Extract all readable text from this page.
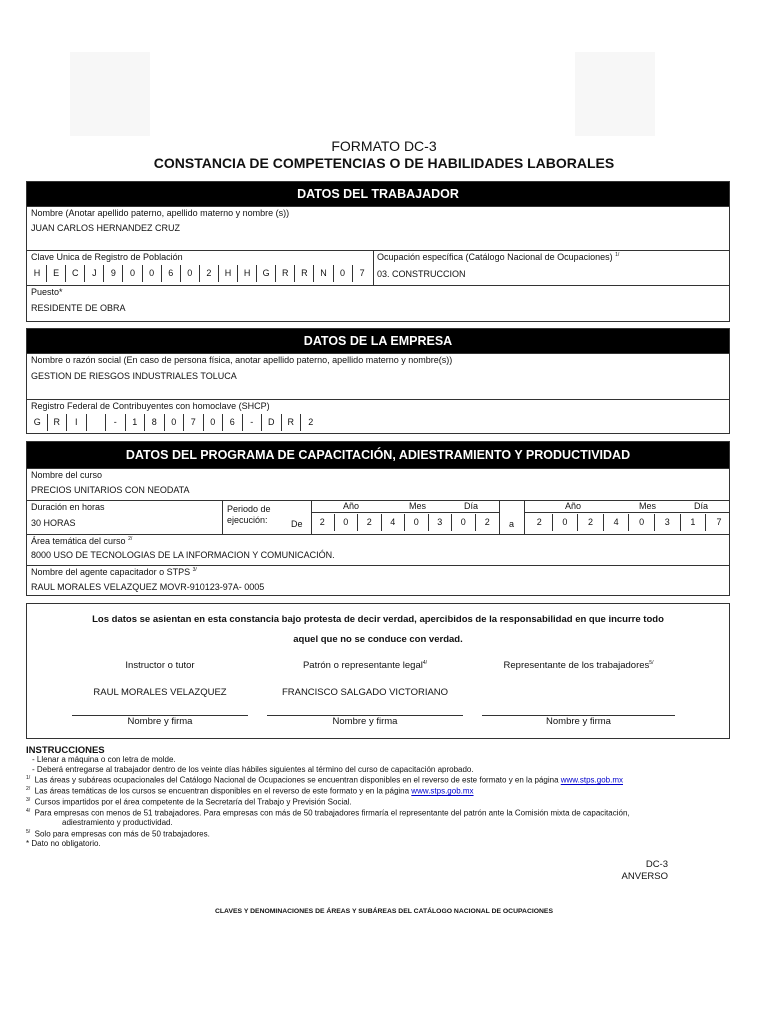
FORMATO DC-3
CONSTANCIA DE COMPETENCIAS O DE HABILIDADES LABORALES
DATOS DEL TRABAJADOR
Nombre (Anotar apellido paterno, apellido materno y nombre (s))
JUAN CARLOS HERNANDEZ CRUZ
Clave Unica de Registro de Población
H	E	C	J	9	0	0	6	0	2	H	H	G	R	R	N	0	7
Ocupación específica (Catálogo Nacional de Ocupaciones) $^{1/}$
03. CONSTRUCCION
Puesto*
RESIDENTE DE OBRA
DATOS DE LA EMPRESA
Nombre o razón social (En caso de persona física, anotar apellido paterno, apellido materno y nombre(s))
GESTION DE RIESGOS INDUSTRIALES TOLUCA
Registro Federal de Contribuyentes con homoclave (SHCP)
G	R	I	-	1	8	0	7	0	6	-	D	R	2
DATOS DEL PROGRAMA DE CAPACITACIÓN, ADIESTRAMIENTO Y PRODUCTIVIDAD
Nombre del curso
PRECIOS UNITARIOS CON NEODATA
Duración en horas
30 HORAS
Periodo de
ejecución:	De
Año	Mes	Día
2	0	2	4	0	3	0	2	a
Año	Mes	Día
2	0	2	4	0	3	1	7
Área temática del curso $^{2/}$
8000 USO DE TECNOLOGIAS DE LA INFORMACION Y COMUNICACIÓN.
Nombre del agente capacitador o STPS $^{3/}$
RAUL MORALES VELAZQUEZ MOVR-910123-97A- 0005
Los datos se asientan en esta constancia bajo protesta de decir verdad, apercibidos de la responsabilidad en que incurre todo
aquel que no se conduce con verdad.
Instructor o tutor	Patrón o representante legal$^{4/}$	Representante de los trabajadores$^{5/}$
RAUL MORALES VELAZQUEZ	FRANCISCO SALGADO VICTORIANO
Nombre y firma	Nombre y firma	Nombre y firma
INSTRUCCIONES
- Llenar a máquina o con letra de molde.
- Deberá entregarse al trabajador dentro de los veinte días hábiles siguientes al término del curso de capacitación aprobado.
$^{1/}$ Las áreas y subáreas ocupacionales del Catálogo Nacional de Ocupaciones se encuentran disponibles en el reverso de este formato y en la página www.stps.gob.mx
$^{2/}$ Las áreas temáticas de los cursos se encuentran disponibles en el reverso de este formato y en la página www.stps.gob.mx
$^{3/}$ Cursos impartidos por el área competente de la Secretaría del Trabajo y Previsión Social.
$^{4/}$ Para empresas con menos de 51 trabajadores. Para empresas con más de 50 trabajadores firmaría el representante del patrón ante la Comisión mixta de capacitación,
adiestramiento y productividad.
$^{5/}$ Solo para empresas con más de 50 trabajadores.
* Dato no obligatorio.
DC-3
ANVERSO
CLAVES Y DENOMINACIONES DE ÁREAS Y SUBÁREAS DEL CATÁLOGO NACIONAL DE OCUPACIONES
